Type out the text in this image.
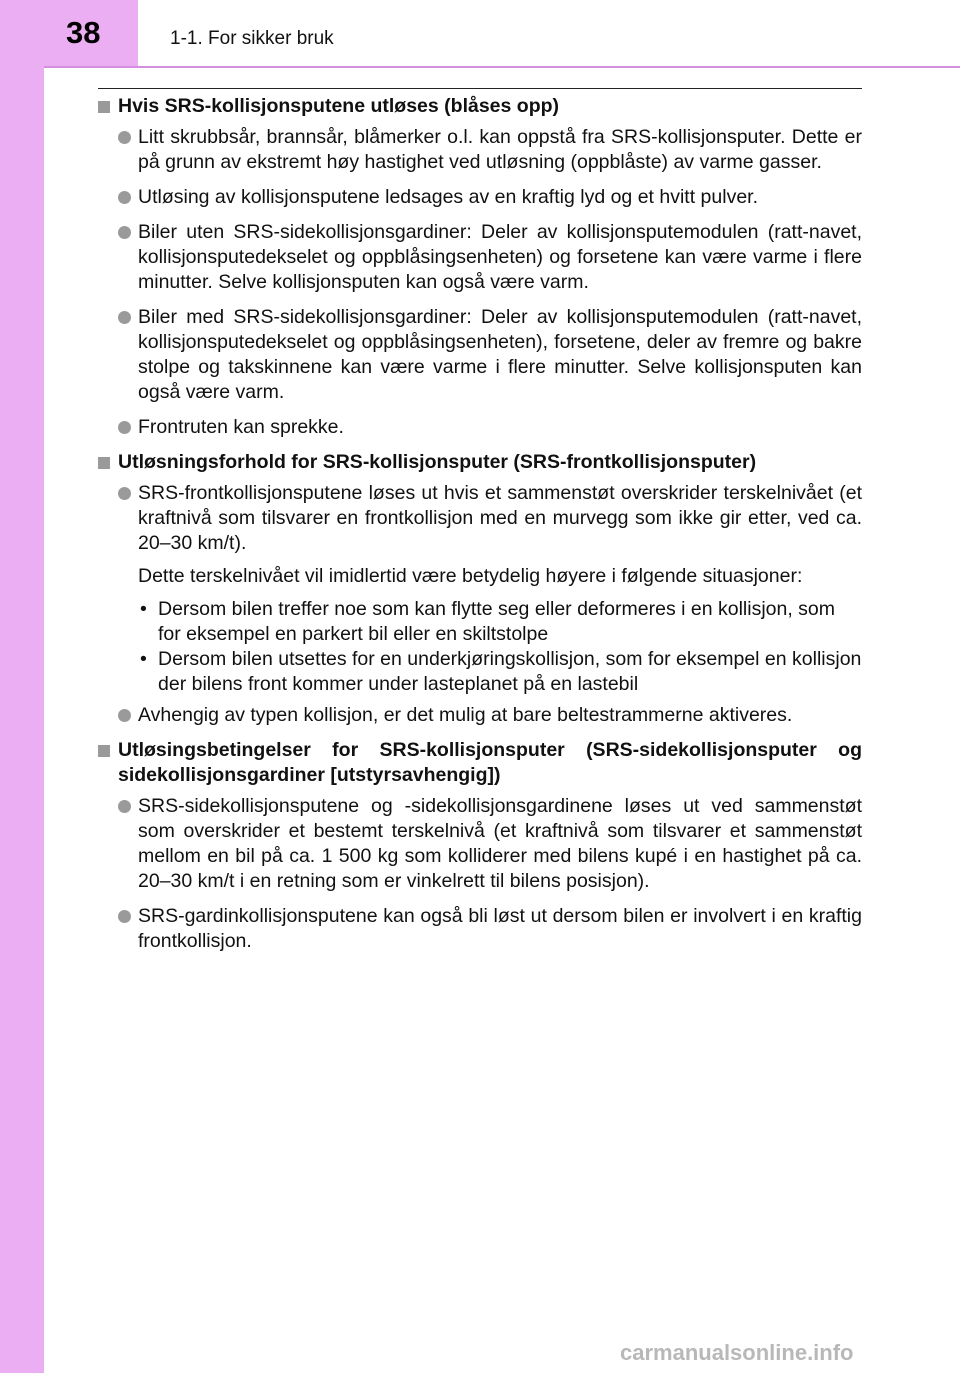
38	1-1. For sikker bruk
Hvis SRS-kollisjonsputene utløses (blåses opp)
Litt skrubbsår, brannsår, blåmerker o.l. kan oppstå fra SRS-kollisjonsputer. Dette er på grunn av ekstremt høy hastighet ved utløsning (oppblåste) av varme gasser.
Utløsing av kollisjonsputene ledsages av en kraftig lyd og et hvitt pulver.
Biler uten SRS-sidekollisjonsgardiner: Deler av kollisjonsputemodulen (ratt-navet, kollisjonsputedekselet og oppblåsingsenheten) og forsetene kan være varme i flere minutter. Selve kollisjonsputen kan også være varm.
Biler med SRS-sidekollisjonsgardiner: Deler av kollisjonsputemodulen (ratt-navet, kollisjonsputedekselet og oppblåsingsenheten), forsetene, deler av fremre og bakre stolpe og takskinnene kan være varme i flere minutter. Selve kollisjonsputen kan også være varm.
Frontruten kan sprekke.
Utløsningsforhold for SRS-kollisjonsputer (SRS-frontkollisjonsputer)
SRS-frontkollisjonsputene løses ut hvis et sammenstøt overskrider terskelnivået (et kraftnivå som tilsvarer en frontkollisjon med en murvegg som ikke gir etter, ved ca. 20–30 km/t).
Dette terskelnivået vil imidlertid være betydelig høyere i følgende situasjoner:
• Dersom bilen treffer noe som kan flytte seg eller deformeres i en kollisjon, som for eksempel en parkert bil eller en skiltstolpe
• Dersom bilen utsettes for en underkjøringskollisjon, som for eksempel en kollisjon der bilens front kommer under lasteplanet på en lastebil
Avhengig av typen kollisjon, er det mulig at bare beltestrammerne aktiveres.
Utløsingsbetingelser for SRS-kollisjonsputer (SRS-sidekollisjonsputer og sidekollisjonsgardiner [utstyrsavhengig])
SRS-sidekollisjonsputene og -sidekollisjonsgardinene løses ut ved sammenstøt som overskrider et bestemt terskelnivå (et kraftnivå som tilsvarer et sammenstøt mellom en bil på ca. 1 500 kg som kolliderer med bilens kupé i en hastighet på ca. 20–30 km/t i en retning som er vinkelrett til bilens posisjon).
SRS-gardinkollisjonsputene kan også bli løst ut dersom bilen er involvert i en kraftig frontkollisjon.
carmanualsonline.info
